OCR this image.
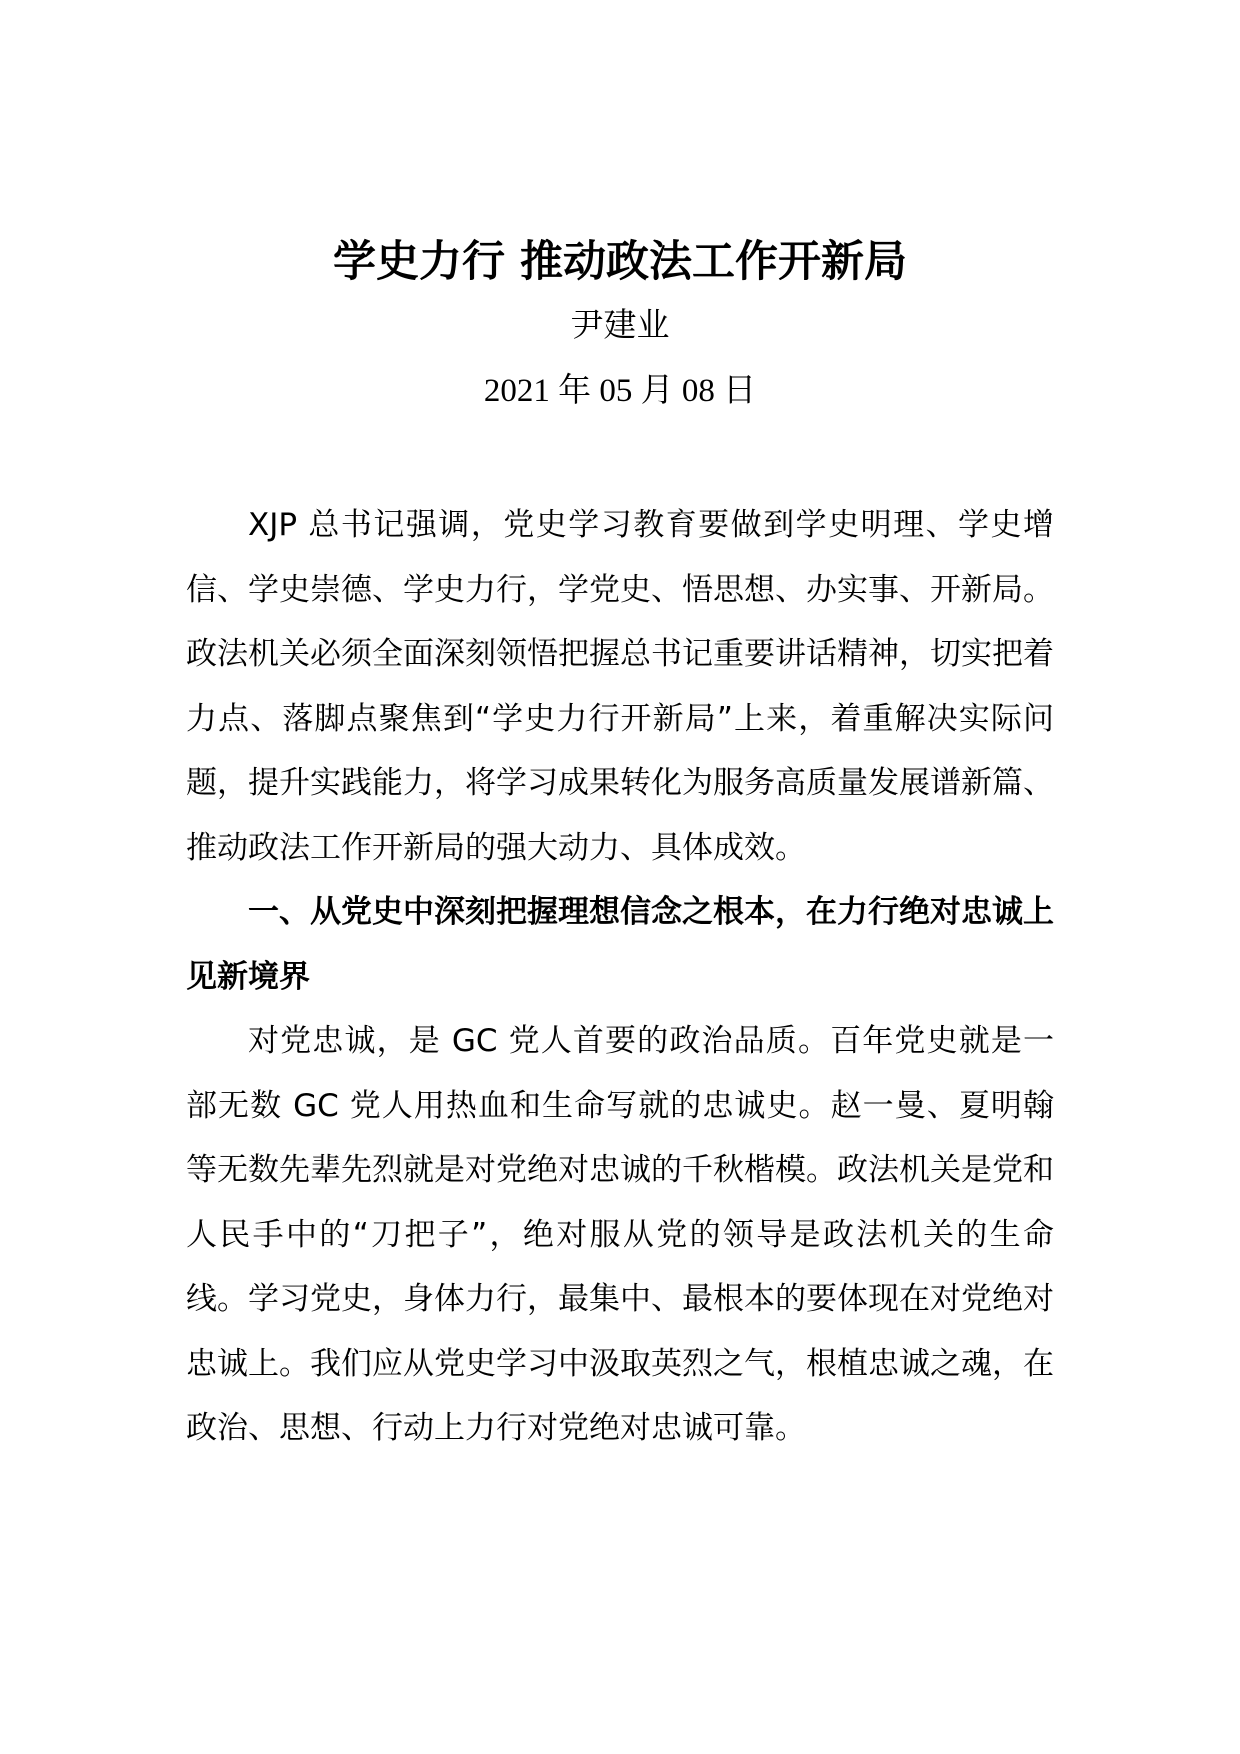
学史力行 推动政法工作开新局
尹建业
2021 年 05 月 08 日

XJP 总书记强调，党史学习教育要做到学史明理、学史增信、学史崇德、学史力行，学党史、悟思想、办实事、开新局。政法机关必须全面深刻领悟把握总书记重要讲话精神，切实把着力点、落脚点聚焦到“学史力行开新局”上来，着重解决实际问题，提升实践能力，将学习成果转化为服务高质量发展谱新篇、推动政法工作开新局的强大动力、具体成效。

一、从党史中深刻把握理想信念之根本，在力行绝对忠诚上见新境界

对党忠诚，是 GC 党人首要的政治品质。百年党史就是一部无数 GC 党人用热血和生命写就的忠诚史。赵一曼、夏明翰等无数先辈先烈就是对党绝对忠诚的千秋楷模。政法机关是党和人民手中的“刀把子”，绝对服从党的领导是政法机关的生命线。学习党史，身体力行，最集中、最根本的要体现在对党绝对忠诚上。我们应从党史学习中汲取英烈之气，根植忠诚之魂，在政治、思想、行动上力行对党绝对忠诚可靠。
